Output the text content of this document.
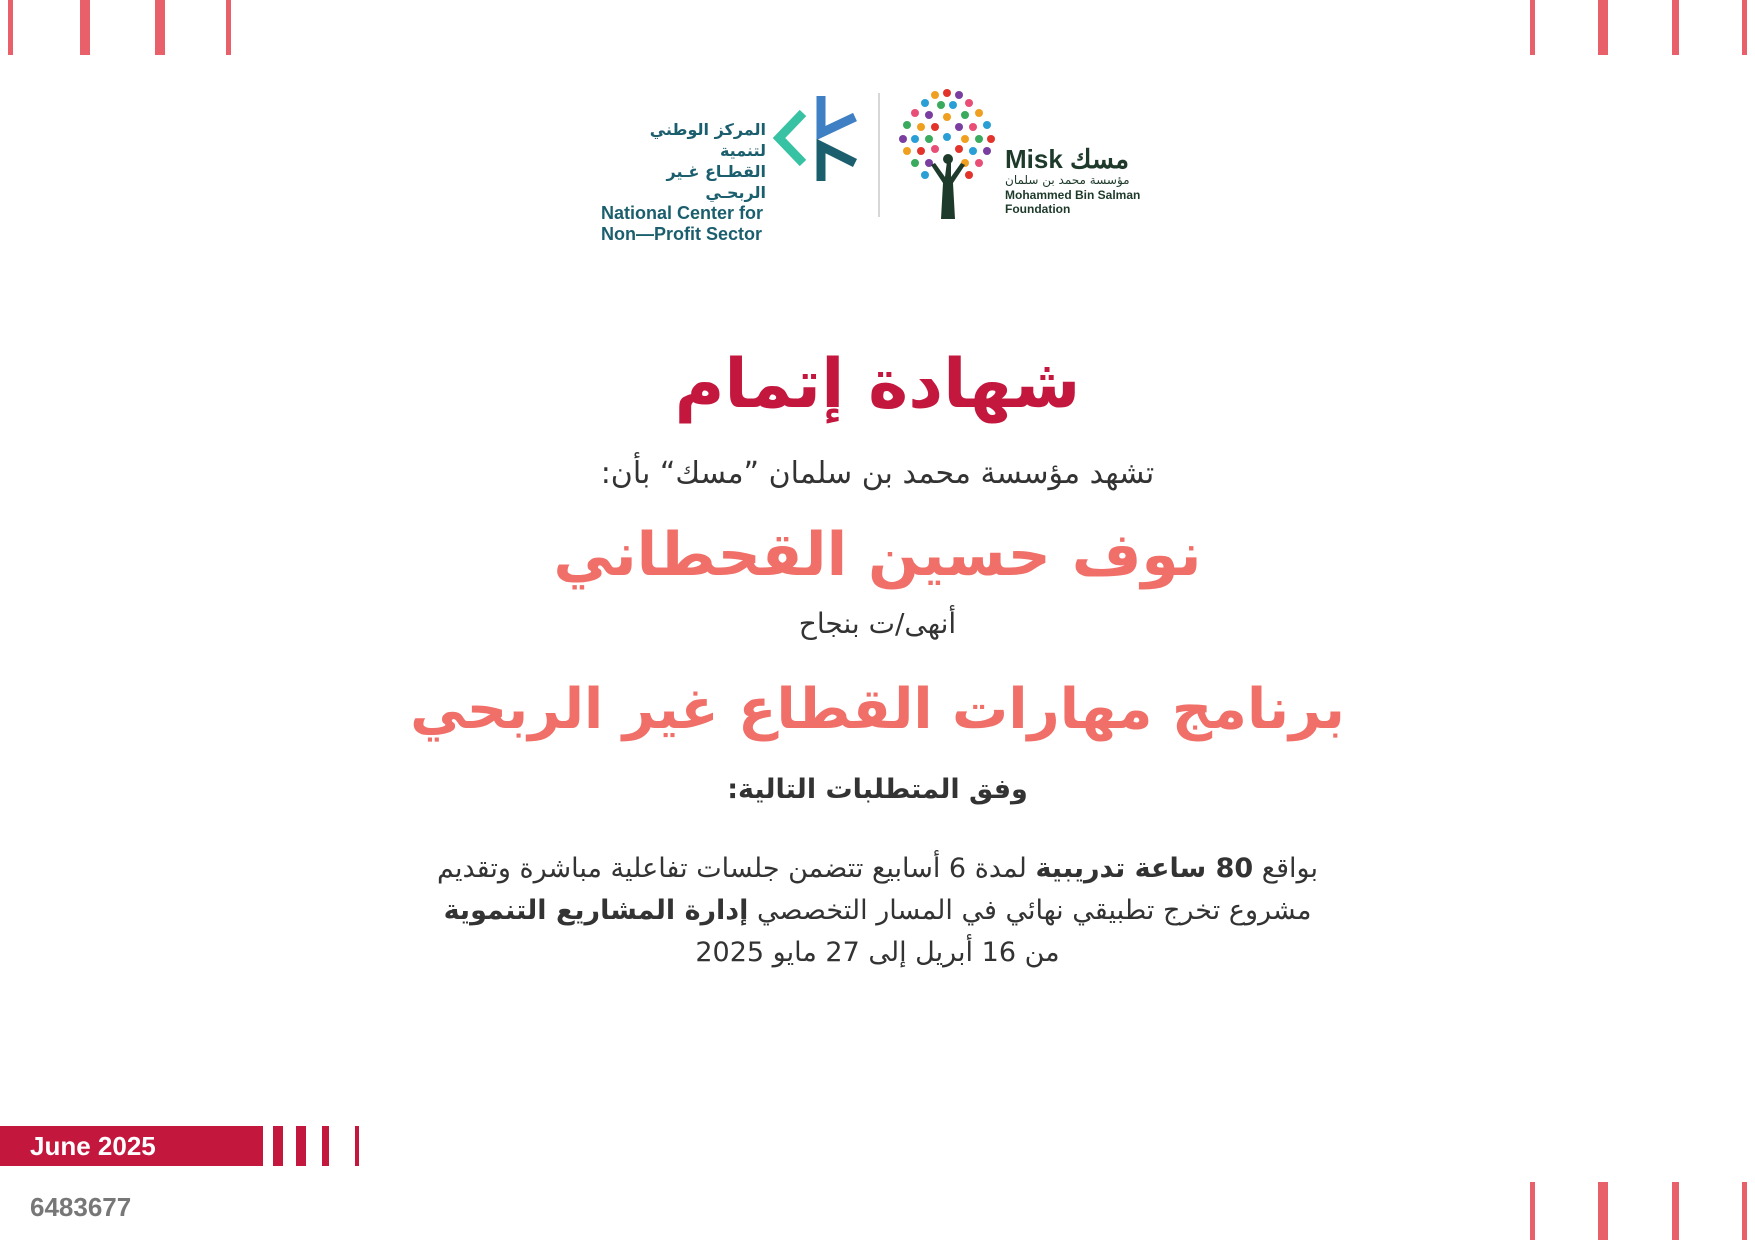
المركز الوطني لتنمية
القطـاع غـير الربحـي
National Center for
Non—Profit Sector
Misk مسك
مؤسسة محمد بن سلمان
Mohammed Bin Salman
Foundation
شهادة إتمام
تشهد مؤسسة محمد بن سلمان ”مسك“ بأن:
نوف حسين القحطاني
أنهى/ت بنجاح
برنامج مهارات القطاع غير الربحي
وفق المتطلبات التالية:
بواقع 80 ساعة تدريبية لمدة 6 أسابيع تتضمن جلسات تفاعلية مباشرة وتقديم
مشروع تخرج تطبيقي نهائي في المسار التخصصي إدارة المشاريع التنموية
من 16 أبريل إلى 27 مايو 2025
June 2025
6483677
